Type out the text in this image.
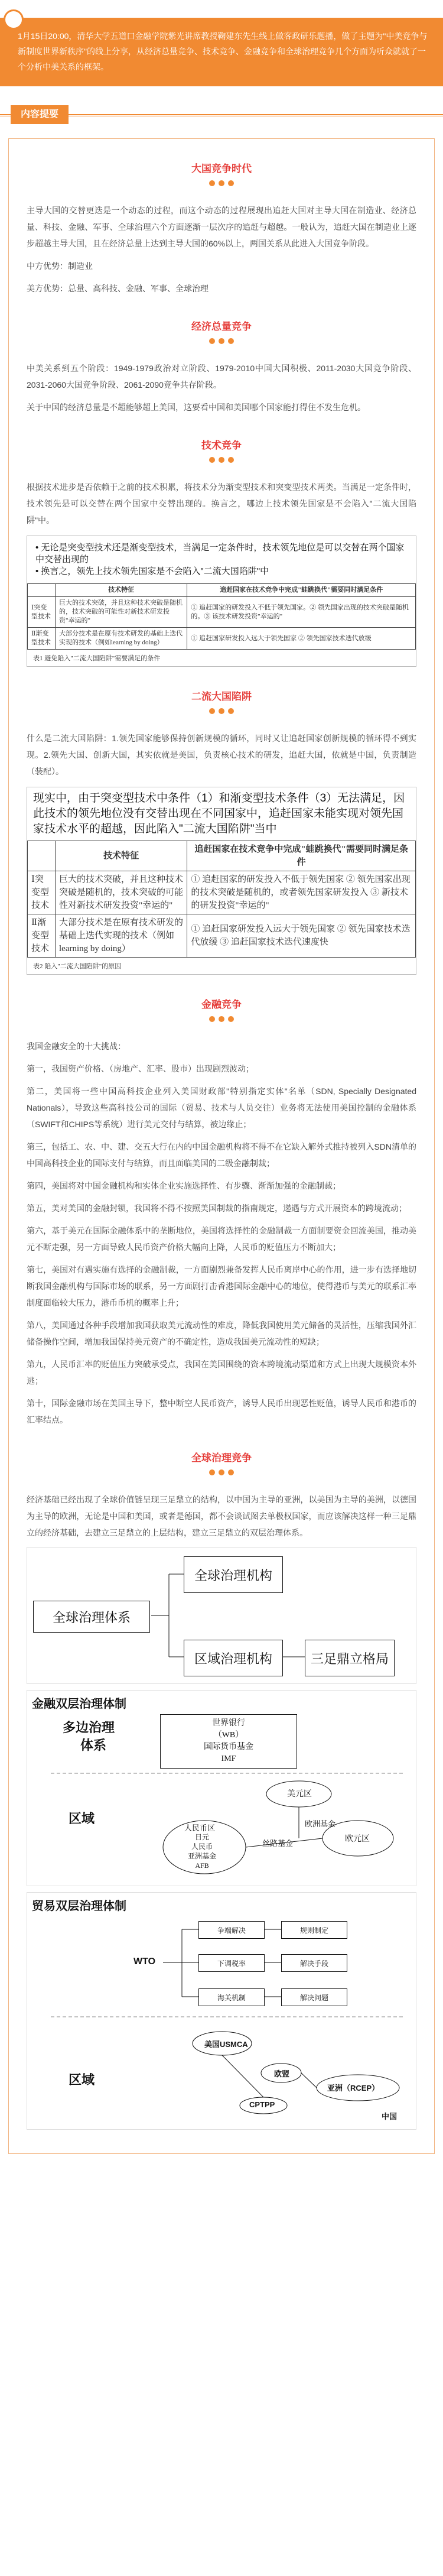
1月15日20:00，清华大学五道口金融学院紫光讲席教授鞠建东先生线上做客政研乐题播，做了主题为"中美竞争与新制度世界新秩序"的线上分享，从经济总量竞争、技术竞争、金融竞争和全球治理竞争几个方面为听众就就了一个分析中美关系的框架。
内容提要
大国竞争时代

主导大国的交替更迭是一个动态的过程，而这个动态的过程展现出追赶大国对主导大国在制造业、经济总量、科技、金融、军事、全球治理六个方面逐渐一层次序的追赶与超越。一般认为，追赶大国在制造业上逐步超越主导大国，且在经济总量上达到主导大国的60%以上，两国关系从此进入大国竞争阶段。

中方优势：制造业

美方优势：总量、高科技、金融、军事、全球治理

经济总量竞争

中美关系到五个阶段：1949-1979政治对立阶段、1979-2010中国大国积极、2011-2030大国竞争阶段、2031-2060大国竞争阶段、2061-2090竞争共存阶段。

关于中国的经济总量是不超能够超上美国，这要看中国和美国哪个国家能打得住不发生危机。

技术竞争

根据技术进步是否依赖于之前的技术积累，将技术分为渐变型技术和突变型技术两类。当满足一定条件时，技术领先是可以交替在两个国家中交替出现的。换言之，哪边上技术领先国家是不会陷入"二流大国陷阱"中。

• 无论是突变型技术还是渐变型技术，当满足一定条件时，技术领先地位是可以交替在两个国家中交替出现的
• 换言之，领先上技术领先国家是不会陷入"二流大国陷阱"中
	技术特征	追赶国家在技术竞争中完成"蛙跳换代"需要同时满足条件
Ⅰ突变型技术	巨大的技术突破，并且这种技术突破是随机的，技术突破的可能性对新技术研发投资"幸运的"	① 追赶国家的研发投入不低于领先国家。② 领先国家出现的技术突破是随机的。③ 该技术研发投资"幸运的"
Ⅱ渐变型技术	大部分技术是在原有技术研发的基础上迭代实现的技术（例如learning by doing）	① 追赶国家研发投入远大于领先国家 ② 领先国家技术迭代放缓
表1 避免陷入"二流大国陷阱"需要满足的条件
二流大国陷阱

什么是二流大国陷阱：1.领先国家能够保持创新规模的循环，同时又让追赶国家创新规模的循环得不到实现。2.领先大国、创新大国，其实依就是美国，负责核心技术的研发，追赶大国，依就是中国，负责制造（装配）。

现实中，由于突变型技术中条件（1）和渐变型技术条件（3）无法满足，因此技术的领先地位没有交替出现在不同国家中，追赶国家未能实现对领先国家技术水平的超越，因此陷入"二流大国陷阱"当中
	技术特征	追赶国家在技术竞争中完成"蛙跳换代"需要同时满足条件
Ⅰ突变型技术	巨大的技术突破，并且这种技术突破是随机的，技术突破的可能性对新技术研发投资"幸运的"	① 追赶国家的研发投入不低于领先国家 ② 领先国家出现的技术突破是随机的，或者领先国家研发投入 ③ 新技术的研发投资"幸运的"
Ⅱ渐变型技术	大部分技术是在原有技术研发的基础上迭代实现的技术（例如learning by doing）	① 追赶国家研发投入远大于领先国家 ② 领先国家技术迭代放缓 ③ 追赶国家技术迭代速度快
表2 陷入"二流大国陷阱"的原因
金融竞争

我国金融安全的十大挑战：

第一，我国资产价格、（房地产、汇率、股市）出现剧烈波动；

第二，美国将一些中国高科技企业列入美国财政部"特别指定实体"名单（SDN, Specially Designated Nationals），导致这些高科技公司的国际（贸易、技术与人员交往）业务将无法使用美国控制的金融体系（SWIFT和CHIPS等系统）进行美元交付与结算，被边缘止；

第三，包括工、农、中、建、交五大行在内的中国金融机构将不得不在它缺入解外式推持被列入SDN清单的中国高科技企业的国际支付与结算，而且面临美国的二级金融制裁；

第四，美国将对中国金融机构和实体企业实施选择性、有步骤、渐渐加强的金融制裁；

第五，美对美国的金融封锁，我国将不得不按照美国制裁的指南规定，递遇与方式开展资本的跨境流动；

第六，基于美元在国际金融体系中的垄断地位，美国将选择性的金融制裁一方面制要资金回流美国，推动美元不断走强，另一方面导致人民币资产价格大幅向上降，人民币的贬值压力不断加大；

第七，美国对有遇实施有选择的金融制裁，一方面剧烈兼备发挥人民币离岸中心的作用，进一步有选择地切断我国金融机构与国际市场的联系，另一方面剧打击香港国际金融中心的地位，使得港币与美元的联系汇率制度面临较大压力，港币币机的概率上升；

第八，美国通过各种手段增加我国获取美元流动性的难度，降低我国使用美元储备的灵活性，压缩我国外汇储备操作空间，增加我国保持美元资产的不确定性，造成我国美元流动性的短缺；

第九，人民币汇率的贬值压力突破承受点，我国在美国围绕的资本跨境流动渠道和方式上出现大规模资本外逃；

第十，国际金融市场在美国主导下，整中断空人民币资产，诱导人民币出现恶性贬值，诱导人民币和港币的汇率结点。

全球治理竞争

经济基础已经出现了全球价值链呈现三足鼎立的结构，以中国为主导的亚洲，以美国为主导的美洲，以德国为主导的欧洲，无论是中国和美国，或者是德国，都不会谈试图去单极权国家，而应该解决这样一种三足鼎立的经济基础，去建立三足鼎立的上层结构，建立三足鼎立的双层治理体系。

全球治理体系
全球治理机构
区域治理机构	三足鼎立格局
金融双层治理体制
多边治理
体系
世界银行
（WB）
国际货币基金
IMF
区域
美元区
欧元区
人民币区
日元
人民币
亚洲基金
AFB
丝路基金
欧洲基金
贸易双层治理体制
WTO
争端解决	规则制定
下调税率	解决手段
海关机制	解决问题
区域
美国USMCA
欧盟
亚洲（RCEP）
CPTPP
中国
